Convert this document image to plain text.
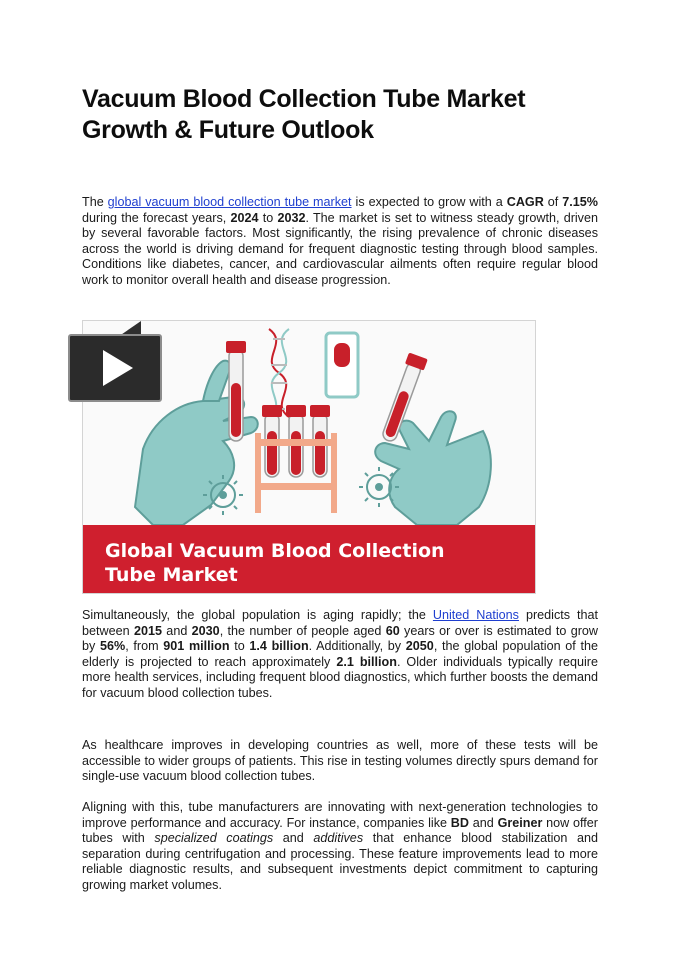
Vacuum Blood Collection Tube Market Growth & Future Outlook

The global vacuum blood collection tube market is expected to grow with a CAGR of 7.15% during the forecast years, 2024 to 2032. The market is set to witness steady growth, driven by several favorable factors. Most significantly, the rising prevalence of chronic diseases across the world is driving demand for frequent diagnostic testing through blood samples. Conditions like diabetes, cancer, and cardiovascular ailments often require regular blood work to monitor overall health and disease progression.

Global Vacuum Blood Collection Tube Market

Simultaneously, the global population is aging rapidly; the United Nations predicts that between 2015 and 2030, the number of people aged 60 years or over is estimated to grow by 56%, from 901 million to 1.4 billion. Additionally, by 2050, the global population of the elderly is projected to reach approximately 2.1 billion. Older individuals typically require more health services, including frequent blood diagnostics, which further boosts the demand for vacuum blood collection tubes.

As healthcare improves in developing countries as well, more of these tests will be accessible to wider groups of patients. This rise in testing volumes directly spurs demand for single-use vacuum blood collection tubes.

Aligning with this, tube manufacturers are innovating with next-generation technologies to improve performance and accuracy. For instance, companies like BD and Greiner now offer tubes with specialized coatings and additives that enhance blood stabilization and separation during centrifugation and processing. These feature improvements lead to more reliable diagnostic results, and subsequent investments depict commitment to capturing growing market volumes.
